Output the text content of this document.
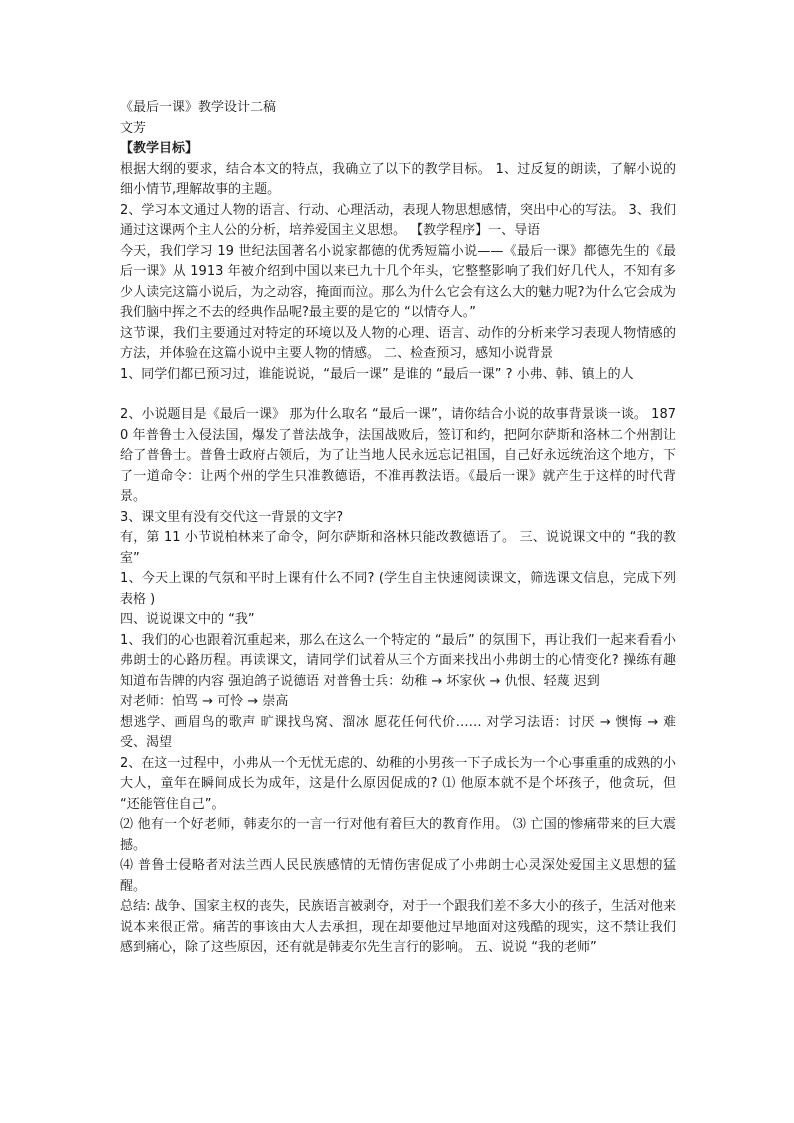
《最后一课》教学设计二稿

文芳

【教学目标】

根据大纲的要求，结合本文的特点，我确立了以下的教学目标。 1、过反复的朗读，了解小说的细小情节,理解故事的主题。

2、学习本文通过人物的语言、行动、心理活动，表现人物思想感情，突出中心的写法。 3、我们通过这课两个主人公的分析，培养爱国主义思想。 【教学程序】一、导语

今天，我们学习 19 世纪法国著名小说家都德的优秀短篇小说——《最后一课》都德先生的《最后一课》从 1913 年被介绍到中国以来已九十几个年头，它整整影响了我们好几代人，不知有多少人读完这篇小说后，为之动容，掩面而泣。那么为什么它会有这么大的魅力呢?为什么它会成为我们脑中挥之不去的经典作品呢?最主要的是它的 “以情夺人。”

这节课，我们主要通过对特定的环境以及人物的心理、语言、动作的分析来学习表现人物情感的方法，并体验在这篇小说中主要人物的情感。 二、检查预习，感知小说背景

1、同学们都已预习过，谁能说说，“最后一课” 是谁的 “最后一课” ? 小弗、韩、镇上的人

2、小说题目是《最后一课》 那为什么取名 “最后一课”，请你结合小说的故事背景谈一谈。 1870 年普鲁士入侵法国，爆发了普法战争，法国战败后，签订和约，把阿尔萨斯和洛林二个州割让给了普鲁士。普鲁士政府占领后，为了让当地人民永远忘记祖国，自己好永远统治这个地方，下了一道命令：让两个州的学生只准教德语，不准再教法语。《最后一课》就产生于这样的时代背景。

3、课文里有没有交代这一背景的文字?

有，第 11 小节说柏林来了命令，阿尔萨斯和洛林只能改教德语了。 三、说说课文中的 “我的教室”

1、今天上课的气氛和平时上课有什么不同? (学生自主快速阅读课文，筛选课文信息，完成下列表格 )

四、说说课文中的 “我”

1、我们的心也跟着沉重起来，那么在这么一个特定的 “最后” 的氛围下，再让我们一起来看看小弗朗士的心路历程。再读课文，请同学们试着从三个方面来找出小弗朗士的心情变化? 操练有趣 知道布告牌的内容 强迫鸽子说德语 对普鲁士兵：幼稚 → 坏家伙 → 仇恨、轻蔑 迟到

对老师：怕骂 → 可怜 → 崇高

想逃学、画眉鸟的歌声 旷课找鸟窝、溜冰 愿花任何代价…… 对学习法语：讨厌 → 懊悔 → 难受、渴望

2、在这一过程中，小弗从一个无忧无虑的、幼稚的小男孩一下子成长为一个心事重重的成熟的小大人，童年在瞬间成长为成年，这是什么原因促成的? ⑴ 他原本就不是个坏孩子，他贪玩，但 “还能管住自己”。

⑵ 他有一个好老师，韩麦尔的一言一行对他有着巨大的教育作用。 ⑶ 亡国的惨痛带来的巨大震撼。

⑷ 普鲁士侵略者对法兰西人民民族感情的无情伤害促成了小弗朗士心灵深处爱国主义思想的猛醒。

总结: 战争、国家主权的丧失，民族语言被剥夺，对于一个跟我们差不多大小的孩子，生活对他来说本来很正常。痛苦的事该由大人去承担，现在却要他过早地面对这残酷的现实，这不禁让我们感到痛心，除了这些原因，还有就是韩麦尔先生言行的影响。 五、说说 “我的老师”
